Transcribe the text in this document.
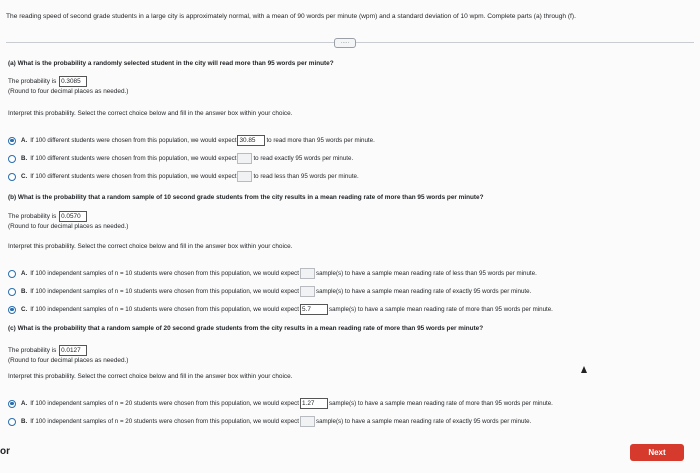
The reading speed of second grade students in a large city is approximately normal, with a mean of 90 words per minute (wpm) and a standard deviation of 10 wpm. Complete parts (a) through (f).
·····
(a) What is the probability a randomly selected student in the city will read more than 95 words per minute?
The probability is 0.3085
(Round to four decimal places as needed.)
Interpret this probability. Select the correct choice below and fill in the answer box within your choice.
A. If 100 different students were chosen from this population, we would expect 30.85	to read more than 95 words per minute.
B. If 100 different students were chosen from this population, we would expect	to read exactly 95 words per minute.
C. If 100 different students were chosen from this population, we would expect	to read less than 95 words per minute.
(b) What is the probability that a random sample of 10 second grade students from the city results in a mean reading rate of more than 95 words per minute?
The probability is 0.0570
(Round to four decimal places as needed.)
Interpret this probability. Select the correct choice below and fill in the answer box within your choice.
A. If 100 independent samples of n = 10 students were chosen from this population, we would expect	sample(s) to have a sample mean reading rate of less than 95 words per minute.
B. If 100 independent samples of n = 10 students were chosen from this population, we would expect	sample(s) to have a sample mean reading rate of exactly 95 words per minute.
C. If 100 independent samples of n = 10 students were chosen from this population, we would expect 5.7	sample(s) to have a sample mean reading rate of more than 95 words per minute.
(c) What is the probability that a random sample of 20 second grade students from the city results in a mean reading rate of more than 95 words per minute?
The probability is 0.0127
(Round to four decimal places as needed.)
Interpret this probability. Select the correct choice below and fill in the answer box within your choice.
A. If 100 independent samples of n = 20 students were chosen from this population, we would expect 1.27	sample(s) to have a sample mean reading rate of more than 95 words per minute.
B. If 100 independent samples of n = 20 students were chosen from this population, we would expect	sample(s) to have a sample mean reading rate of exactly 95 words per minute.
or	Next
